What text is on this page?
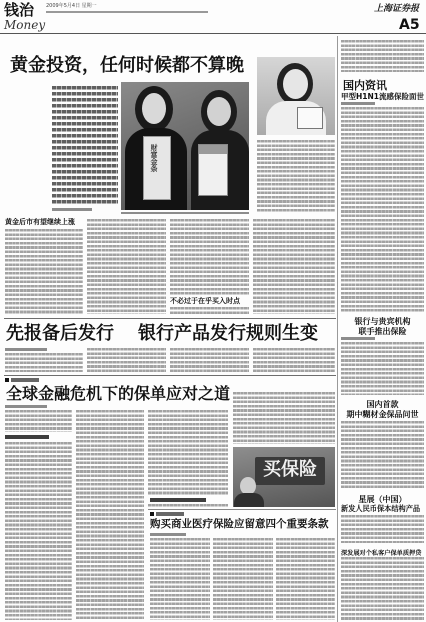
钱治
Money
2009年5月4日 星期一	上海证券报
A5
黄金投资，任何时候都不算晚
财富金条
黄金后市有望继续上涨
不必过于在乎买入时点
先报备后发行 银行产品发行规则生变
全球金融危机下的保单应对之道
买保险
购买商业医疗保险应留意四个重要条款
国内资讯
甲型H1N1流感保险面世
银行与贵宾机构
联手推出保险
国内首款
期中糊材金保品问世
星展（中国）
新发人民币保本结构产品
深发展对个私客户保单质押贷
